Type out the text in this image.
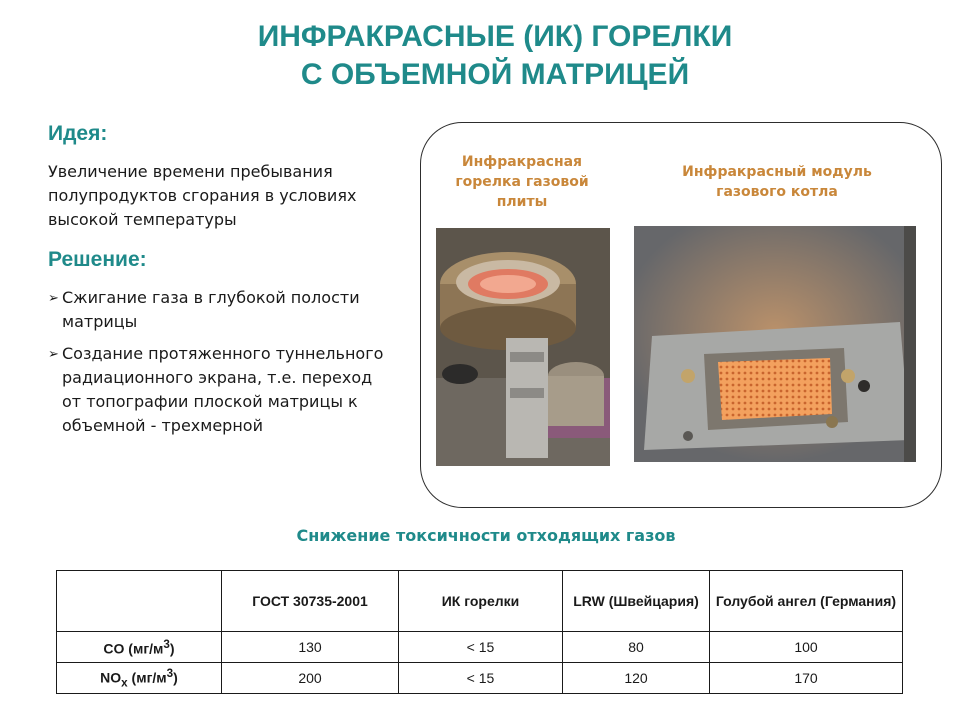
ИНФРАКРАСНЫЕ (ИК) ГОРЕЛКИ
С ОБЪЕМНОЙ МАТРИЦЕЙ
Идея:
Увеличение времени пребывания полупродуктов сгорания в условиях высокой температуры
Решение:
➢ Сжигание газа в глубокой полости матрицы
➢ Создание протяженного туннельного радиационного экрана, т.е. переход от топографии плоской матрицы к объемной - трехмерной
Инфракрасная горелка газовой плиты
Инфракрасный модуль газового котла
Снижение токсичности отходящих газов
	ГОСТ 30735-2001	ИК горелки	LRW (Швейцария)	Голубой ангел (Германия)
CO $(мг/м^3)$	130	< 15	80	100
$NO_x$ $(мг/м^3)$	200	< 15	120	170
